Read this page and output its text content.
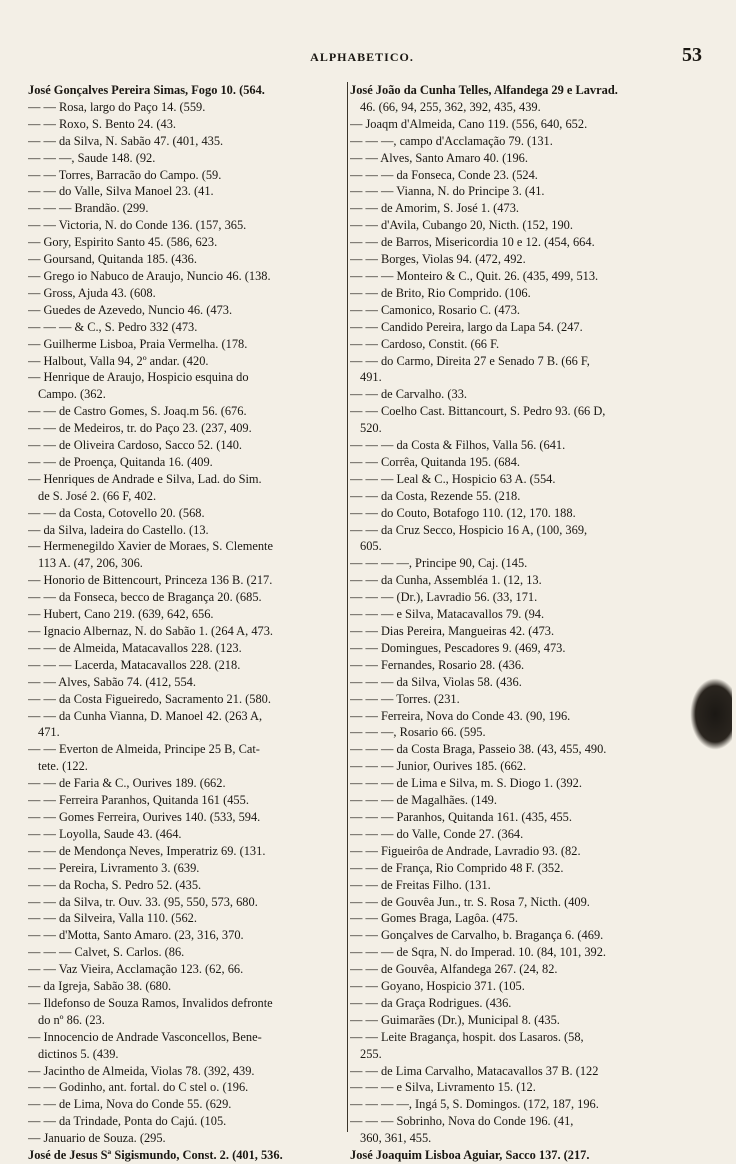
ALPHABETICO.	53
José Gonçalves Pereira Simas, Fogo 10. (564.
— — Rosa, largo do Paço 14. (559.
— — Roxo, S. Bento 24. (43.
— — da Silva, N. Sabão 47. (401, 435.
— — —, Saude 148. (92.
— — Torres, Barracão do Campo. (59.
— — do Valle, Silva Manoel 23. (41.
— — — Brandão. (299.
— — Victoria, N. do Conde 136. (157, 365.
— Gory, Espirito Santo 45. (586, 623.
— Goursand, Quitanda 185. (436.
— Grego io Nabuco de Araujo, Nuncio 46. (138.
— Gross, Ajuda 43. (608.
— Guedes de Azevedo, Nuncio 46. (473.
— — — & C., S. Pedro 332 (473.
— Guilherme Lisboa, Praia Vermelha. (178.
— Halbout, Valla 94, 2º andar. (420.
— Henrique de Araujo, Hospicio esquina do
Campo. (362.
— — de Castro Gomes, S. Joaq.m 56. (676.
— — de Medeiros, tr. do Paço 23. (237, 409.
— — de Oliveira Cardoso, Sacco 52. (140.
— — de Proença, Quitanda 16. (409.
— Henriques de Andrade e Silva, Lad. do Sim.
de S. José 2. (66 F, 402.
— — da Costa, Cotovello 20. (568.
— da Silva, ladeira do Castello. (13.
— Hermenegildo Xavier de Moraes, S. Clemente
113 A. (47, 206, 306.
— Honorio de Bittencourt, Princeza 136 B. (217.
— — da Fonseca, becco de Bragança 20. (685.
— Hubert, Cano 219. (639, 642, 656.
— Ignacio Albernaz, N. do Sabão 1. (264 A, 473.
— — de Almeida, Matacavallos 228. (123.
— — — Lacerda, Matacavallos 228. (218.
— — Alves, Sabão 74. (412, 554.
— — da Costa Figueiredo, Sacramento 21. (580.
— — da Cunha Vianna, D. Manoel 42. (263 A,
471.
— — Everton de Almeida, Principe 25 B, Cat-
tete. (122.
— — de Faria & C., Ourives 189. (662.
— — Ferreira Paranhos, Quitanda 161 (455.
— — Gomes Ferreira, Ourives 140. (533, 594.
— — Loyolla, Saude 43. (464.
— — de Mendonça Neves, Imperatriz 69. (131.
— — Pereira, Livramento 3. (639.
— — da Rocha, S. Pedro 52. (435.
— — da Silva, tr. Ouv. 33. (95, 550, 573, 680.
— — da Silveira, Valla 110. (562.
— — d'Motta, Santo Amaro. (23, 316, 370.
— — — Calvet, S. Carlos. (86.
— — Vaz Vieira, Acclamação 123. (62, 66.
— da Igreja, Sabão 38. (680.
— Ildefonso de Souza Ramos, Invalidos defronte
do nº 86. (23.
— Innocencio de Andrade Vasconcellos, Bene-
dictinos 5. (439.
— Jacintho de Almeida, Violas 78. (392, 439.
— — Godinho, ant. fortal. do C stel o. (196.
— — de Lima, Nova do Conde 55. (629.
— — da Trindade, Ponta do Cajú. (105.
— Januario de Souza. (295.
José de Jesus Sª Sigismundo, Const. 2. (401, 536.
José João da Cunha Telles, Alfandega 29 e Lavrad.
46. (66, 94, 255, 362, 392, 435, 439.
— Joaqm d'Almeida, Cano 119. (556, 640, 652.
— — —, campo d'Acclamação 79. (131.
— — Alves, Santo Amaro 40. (196.
— — — da Fonseca, Conde 23. (524.
— — — Vianna, N. do Principe 3. (41.
— — de Amorim, S. José 1. (473.
— — d'Avila, Cubango 20, Nicth. (152, 190.
— — de Barros, Misericordia 10 e 12. (454, 664.
— — Borges, Violas 94. (472, 492.
— — — Monteiro & C., Quit. 26. (435, 499, 513.
— — de Brito, Rio Comprido. (106.
— — Camonico, Rosario C. (473.
— — Candido Pereira, largo da Lapa 54. (247.
— — Cardoso, Constit. (66 F.
— — do Carmo, Direita 27 e Senado 7 B. (66 F,
491.
— — de Carvalho. (33.
— — Coelho Cast. Bittancourt, S. Pedro 93. (66 D,
520.
— — — da Costa & Filhos, Valla 56. (641.
— — Corrêa, Quitanda 195. (684.
— — — Leal & C., Hospicio 63 A. (554.
— — da Costa, Rezende 55. (218.
— — do Couto, Botafogo 110. (12, 170. 188.
— — da Cruz Secco, Hospicio 16 A, (100, 369,
605.
— — — —, Principe 90, Caj. (145.
— — da Cunha, Assembléa 1. (12, 13.
— — — (Dr.), Lavradio 56. (33, 171.
— — — e Silva, Matacavallos 79. (94.
— — Dias Pereira, Mangueiras 42. (473.
— — Domingues, Pescadores 9. (469, 473.
— — Fernandes, Rosario 28. (436.
— — — da Silva, Violas 58. (436.
— — — Torres. (231.
— — Ferreira, Nova do Conde 43. (90, 196.
— — —, Rosario 66. (595.
— — — da Costa Braga, Passeio 38. (43, 455, 490.
— — — Junior, Ourives 185. (662.
— — — de Lima e Silva, m. S. Diogo 1. (392.
— — — de Magalhães. (149.
— — — Paranhos, Quitanda 161. (435, 455.
— — — do Valle, Conde 27. (364.
— — Figueirôa de Andrade, Lavradio 93. (82.
— — de França, Rio Comprido 48 F. (352.
— — de Freitas Filho. (131.
— — de Gouvêa Jun., tr. S. Rosa 7, Nicth. (409.
— — Gomes Braga, Lagôa. (475.
— — Gonçalves de Carvalho, b. Bragança 6. (469.
— — — de Sqra, N. do Imperad. 10. (84, 101, 392.
— — de Gouvêa, Alfandega 267. (24, 82.
— — Goyano, Hospicio 371. (105.
— — da Graça Rodrigues. (436.
— — Guimarães (Dr.), Municipal 8. (435.
— — Leite Bragança, hospit. dos Lasaros. (58,
255.
— — de Lima Carvalho, Matacavallos 37 B. (122
— — — e Silva, Livramento 15. (12.
— — — —, Ingá 5, S. Domingos. (172, 187, 196.
— — — Sobrinho, Nova do Conde 196. (41,
360, 361, 455.
José Joaquim Lisboa Aguiar, Sacco 137. (217.
